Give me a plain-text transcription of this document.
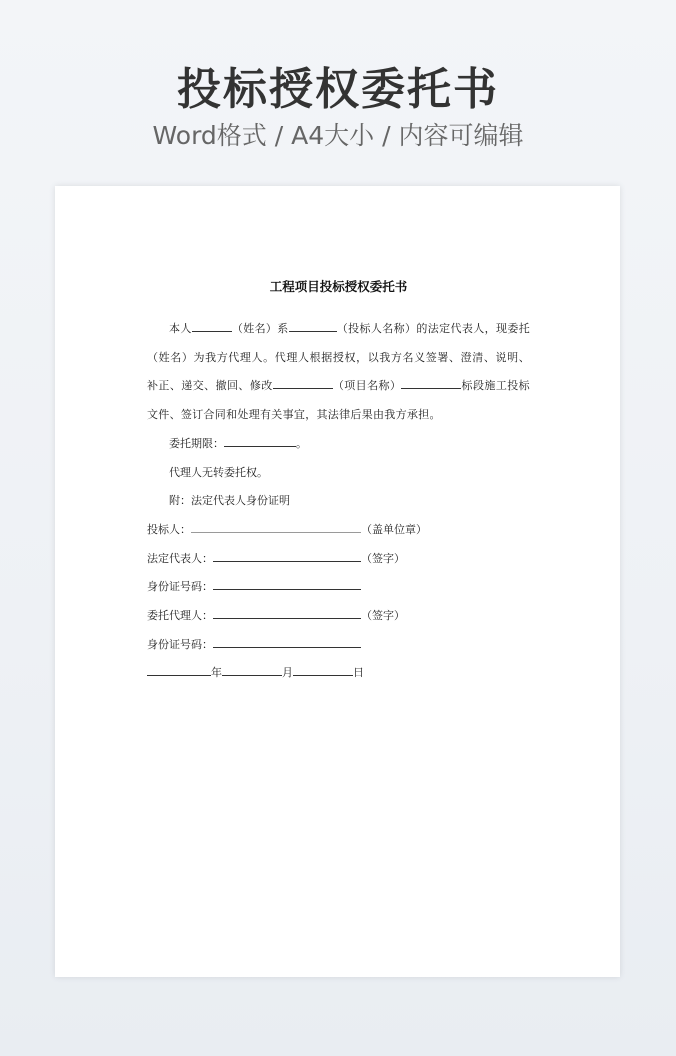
投标授权委托书
Word格式 / A4大小 / 内容可编辑
工程项目投标授权委托书
本人	（姓名）系	（投标人名称）的法定代表人，现委托（姓名）为我方代理人。代理人根据授权，以我方名义签署、澄清、说明、补正、递交、撤回、修改	（项目名称）	标段施工投标文件、签订合同和处理有关事宜，其法律后果由我方承担。
委托期限：	。
代理人无转委托权。
附：法定代表人身份证明
投标人：	（盖单位章）
法定代表人：	（签字）
身份证号码：
委托代理人：	（签字）
身份证号码：
年	月	日
